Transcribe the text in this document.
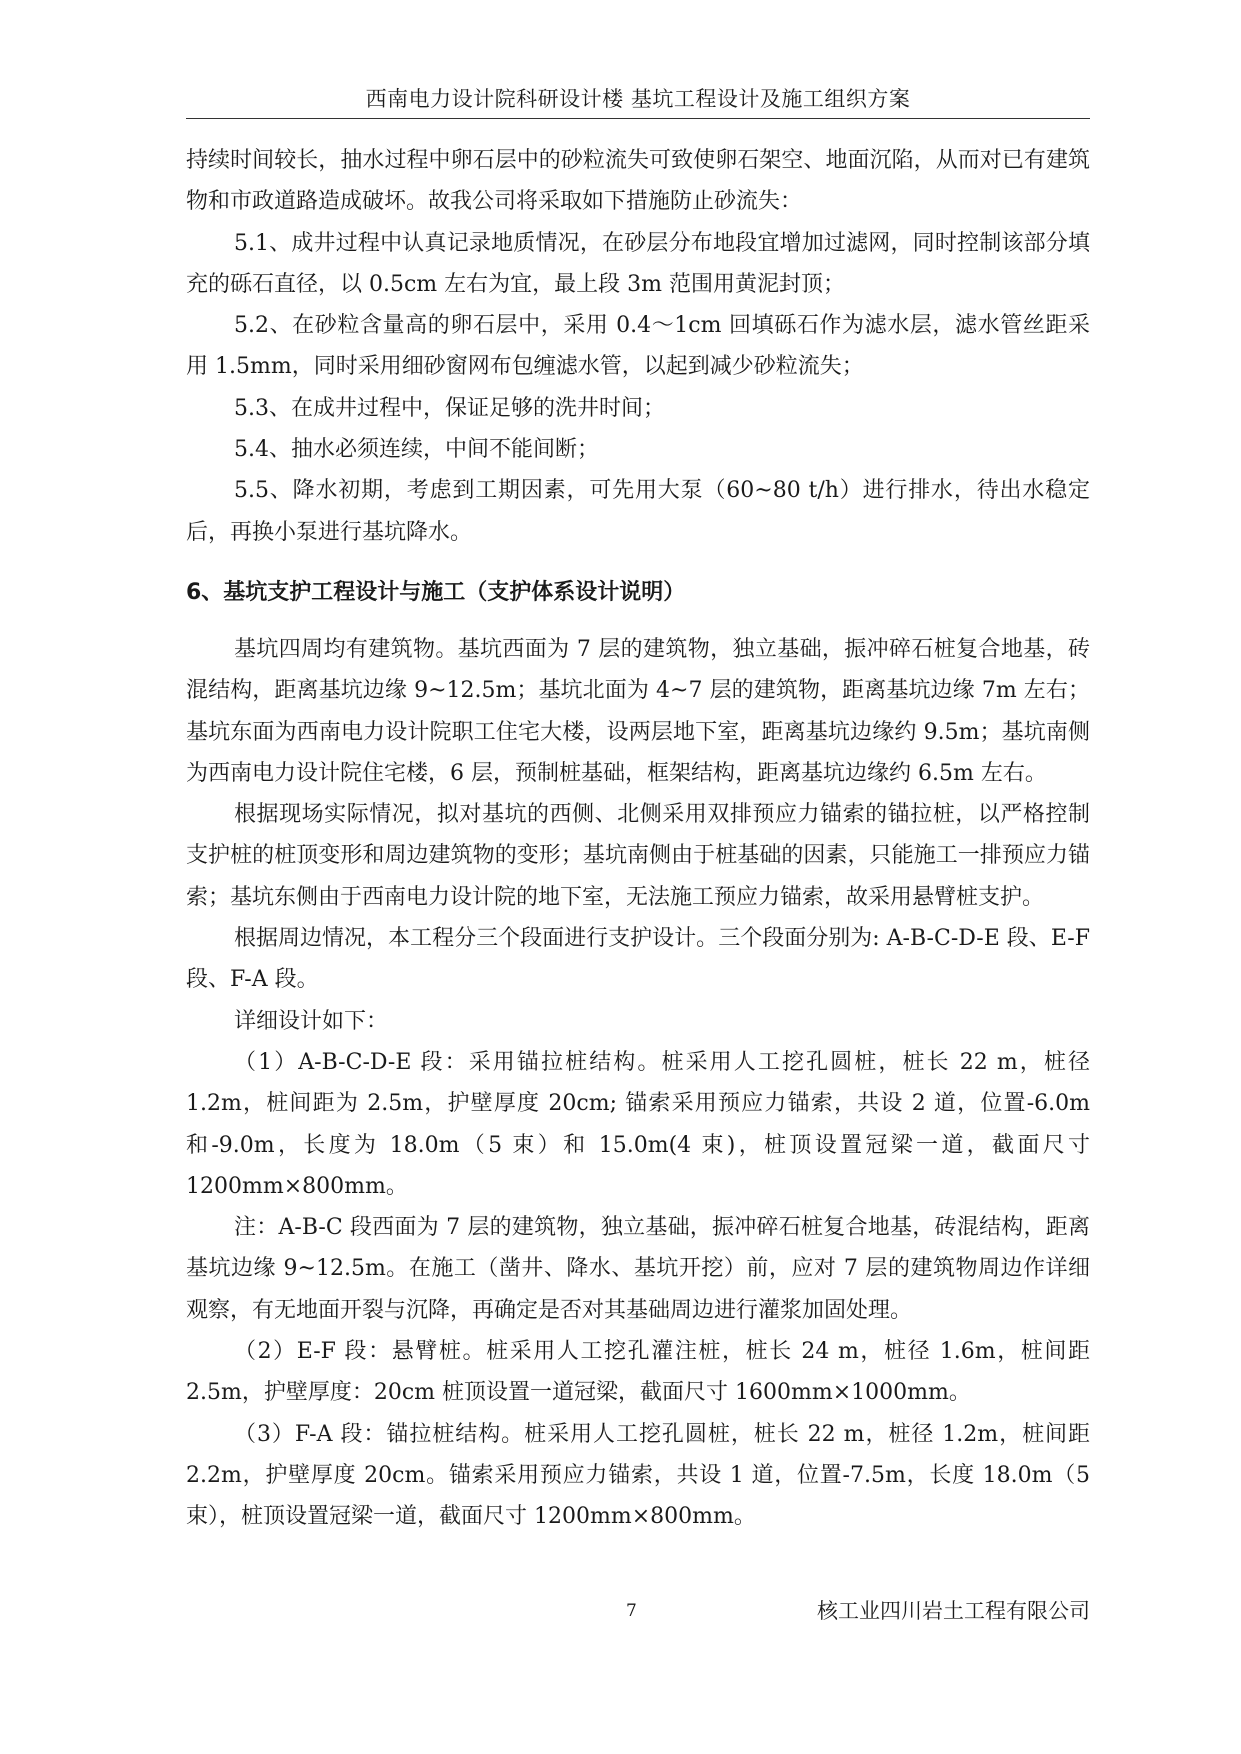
西南电力设计院科研设计楼 基坑工程设计及施工组织方案

持续时间较长，抽水过程中卵石层中的砂粒流失可致使卵石架空、地面沉陷，从而对已有建筑物和市政道路造成破坏。故我公司将采取如下措施防止砂流失：

5.1、成井过程中认真记录地质情况，在砂层分布地段宜增加过滤网，同时控制该部分填充的砾石直径，以 0.5cm 左右为宜，最上段 3m 范围用黄泥封顶；

5.2、在砂粒含量高的卵石层中，采用 0.4～1cm 回填砾石作为滤水层，滤水管丝距采用 1.5mm，同时采用细砂窗网布包缠滤水管，以起到减少砂粒流失；

5.3、在成井过程中，保证足够的洗井时间；

5.4、抽水必须连续，中间不能间断；

5.5、降水初期，考虑到工期因素，可先用大泵（60~80 t/h）进行排水，待出水稳定后，再换小泵进行基坑降水。

6、基坑支护工程设计与施工（支护体系设计说明）

基坑四周均有建筑物。基坑西面为 7 层的建筑物，独立基础，振冲碎石桩复合地基，砖混结构，距离基坑边缘 9~12.5m；基坑北面为 4~7 层的建筑物，距离基坑边缘 7m 左右；基坑东面为西南电力设计院职工住宅大楼，设两层地下室，距离基坑边缘约 9.5m；基坑南侧为西南电力设计院住宅楼，6 层，预制桩基础，框架结构，距离基坑边缘约 6.5m 左右。

根据现场实际情况，拟对基坑的西侧、北侧采用双排预应力锚索的锚拉桩，以严格控制支护桩的桩顶变形和周边建筑物的变形；基坑南侧由于桩基础的因素，只能施工一排预应力锚索；基坑东侧由于西南电力设计院的地下室，无法施工预应力锚索，故采用悬臂桩支护。

根据周边情况，本工程分三个段面进行支护设计。三个段面分别为: A-B-C-D-E 段、E-F 段、F-A 段。

详细设计如下：

（1）A-B-C-D-E 段：采用锚拉桩结构。桩采用人工挖孔圆桩，桩长 22 m，桩径 1.2m，桩间距为 2.5m，护壁厚度 20cm; 锚索采用预应力锚索，共设 2 道，位置-6.0m 和-9.0m，长度为 18.0m（5 束）和 15.0m(4 束)，桩顶设置冠梁一道，截面尺寸 1200mm×800mm。

注：A-B-C 段西面为 7 层的建筑物，独立基础，振冲碎石桩复合地基，砖混结构，距离基坑边缘 9~12.5m。在施工（凿井、降水、基坑开挖）前，应对 7 层的建筑物周边作详细观察，有无地面开裂与沉降，再确定是否对其基础周边进行灌浆加固处理。

（2）E-F 段：悬臂桩。桩采用人工挖孔灌注桩，桩长 24 m，桩径 1.6m，桩间距 2.5m，护壁厚度：20cm 桩顶设置一道冠梁，截面尺寸 1600mm×1000mm。

（3）F-A 段：锚拉桩结构。桩采用人工挖孔圆桩，桩长 22 m，桩径 1.2m，桩间距 2.2m，护壁厚度 20cm。锚索采用预应力锚索，共设 1 道，位置-7.5m，长度 18.0m（5 束），桩顶设置冠梁一道，截面尺寸 1200mm×800mm。

7	核工业四川岩土工程有限公司
